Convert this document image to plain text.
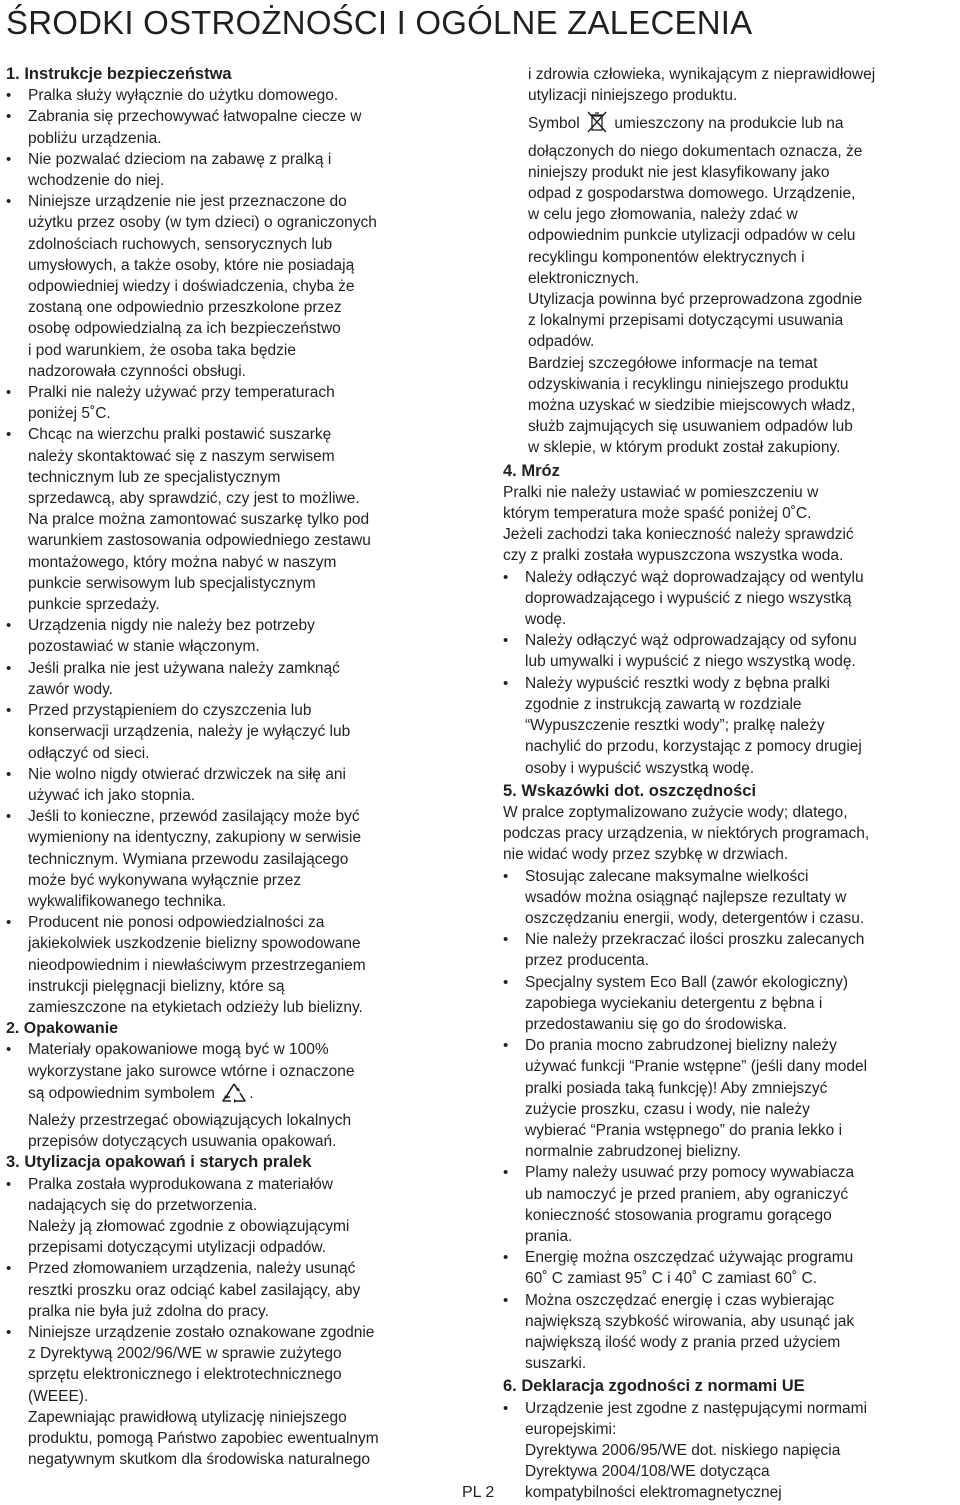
ŚRODKI OSTROŻNOŚCI I OGÓLNE ZALECENIA
1. Instrukcje bezpieczeństwa
• Pralka służy wyłącznie do użytku domowego.
• Zabrania się przechowywać łatwopalne ciecze w
pobliżu urządzenia.
• Nie pozwalać dzieciom na zabawę z pralką i
wchodzenie do niej.
• Niniejsze urządzenie nie jest przeznaczone do
użytku przez osoby (w tym dzieci) o ograniczonych
zdolnościach ruchowych, sensorycznych lub
umysłowych, a także osoby, które nie posiadają
odpowiedniej wiedzy i doświadczenia, chyba że
zostaną one odpowiednio przeszkolone przez
osobę odpowiedzialną za ich bezpieczeństwo
i pod warunkiem, że osoba taka będzie
nadzorowała czynności obsługi.
• Pralki nie należy używać przy temperaturach
poniżej 5˚C.
• Chcąc na wierzchu pralki postawić suszarkę
należy skontaktować się z naszym serwisem
technicznym lub ze specjalistycznym
sprzedawcą, aby sprawdzić, czy jest to możliwe.
Na pralce można zamontować suszarkę tylko pod
warunkiem zastosowania odpowiedniego zestawu
montażowego, który można nabyć w naszym
punkcie serwisowym lub specjalistycznym
punkcie sprzedaży.
• Urządzenia nigdy nie należy bez potrzeby
pozostawiać w stanie włączonym.
• Jeśli pralka nie jest używana należy zamknąć
zawór wody.
• Przed przystąpieniem do czyszczenia lub
konserwacji urządzenia, należy je wyłączyć lub
odłączyć od sieci.
• Nie wolno nigdy otwierać drzwiczek na siłę ani
używać ich jako stopnia.
• Jeśli to konieczne, przewód zasilający może być
wymieniony na identyczny, zakupiony w serwisie
technicznym. Wymiana przewodu zasilającego
może być wykonywana wyłącznie przez
wykwalifikowanego technika.
• Producent nie ponosi odpowiedzialności za
jakiekolwiek uszkodzenie bielizny spowodowane
nieodpowiednim i niewłaściwym przestrzeganiem
instrukcji pielęgnacji bielizny, które są
zamieszczone na etykietach odzieży lub bielizny.
2. Opakowanie
• Materiały opakowaniowe mogą być w 100%
wykorzystane jako surowce wtórne i oznaczone
są odpowiednim symbolem .

Należy przestrzegać obowiązujących lokalnych
przepisów dotyczących usuwania opakowań.

3. Utylizacja opakowań i starych pralek
• Pralka została wyprodukowana z materiałów
nadających się do przetworzenia.

Należy ją złomować zgodnie z obowiązującymi
przepisami dotyczącymi utylizacji odpadów.

• Przed złomowaniem urządzenia, należy usunąć
resztki proszku oraz odciąć kabel zasilający, aby
pralka nie była już zdolna do pracy.
• Niniejsze urządzenie zostało oznakowane zgodnie
z Dyrektywą 2002/96/WE w sprawie zużytego
sprzętu elektronicznego i elektrotechnicznego
(WEEE).

Zapewniając prawidłową utylizację niniejszego
produktu, pomogą Państwo zapobiec ewentualnym
negatywnym skutkom dla środowiska naturalnego

i zdrowia człowieka, wynikającym z nieprawidłowej
utylizacji niniejszego produktu.

Symbol umieszczony na produkcie lub na
dołączonych do niego dokumentach oznacza, że
niniejszy produkt nie jest klasyfikowany jako
odpad z gospodarstwa domowego. Urządzenie,
w celu jego złomowania, należy zdać w
odpowiednim punkcie utylizacji odpadów w celu
recyklingu komponentów elektrycznych i
elektronicznych.

Utylizacja powinna być przeprowadzona zgodnie
z lokalnymi przepisami dotyczącymi usuwania
odpadów.

Bardziej szczegółowe informacje na temat
odzyskiwania i recyklingu niniejszego produktu
można uzyskać w siedzibie miejscowych władz,
służb zajmujących się usuwaniem odpadów lub
w sklepie, w którym produkt został zakupiony.

4. Mróz

Pralki nie należy ustawiać w pomieszczeniu w
którym temperatura może spaść poniżej 0˚C.
Jeżeli zachodzi taka konieczność należy sprawdzić
czy z pralki została wypuszczona wszystka woda.

• Należy odłączyć wąż doprowadzający od wentylu
doprowadzającego i wypuścić z niego wszystką
wodę.
• Należy odłączyć wąż odprowadzający od syfonu
lub umywalki i wypuścić z niego wszystką wodę.
• Należy wypuścić resztki wody z bębna pralki
zgodnie z instrukcją zawartą w rozdziale
“Wypuszczenie resztki wody”; pralkę należy
nachylić do przodu, korzystając z pomocy drugiej
osoby i wypuścić wszystką wodę.
5. Wskazówki dot. oszczędności

W pralce zoptymalizowano zużycie wody; dlatego,
podczas pracy urządzenia, w niektórych programach,
nie widać wody przez szybkę w drzwiach.

• Stosując zalecane maksymalne wielkości
wsadów można osiągnąć najlepsze rezultaty w
oszczędzaniu energii, wody, detergentów i czasu.
• Nie należy przekraczać ilości proszku zalecanych
przez producenta.
• Specjalny system Eco Ball (zawór ekologiczny)
zapobiega wyciekaniu detergentu z bębna i
przedostawaniu się go do środowiska.
• Do prania mocno zabrudzonej bielizny należy
używać funkcji “Pranie wstępne” (jeśli dany model
pralki posiada taką funkcję)! Aby zmniejszyć
zużycie proszku, czasu i wody, nie należy
wybierać “Prania wstępnego” do prania lekko i
normalnie zabrudzonej bielizny.
• Plamy należy usuwać przy pomocy wywabiacza
ub namoczyć je przed praniem, aby ograniczyć
konieczność stosowania programu gorącego
prania.
• Energię można oszczędzać używając programu
60˚ C zamiast 95˚ C i 40˚ C zamiast 60˚ C.
• Można oszczędzać energię i czas wybierając
największą szybkość wirowania, aby usunąć jak
największą ilość wody z prania przed użyciem
suszarki.
6. Deklaracja zgodności z normami UE
• Urządzenie jest zgodne z następującymi normami
europejskimi:

Dyrektywa 2006/95/WE dot. niskiego napięcia
Dyrektywa 2004/108/WE dotycząca
kompatybilności elektromagnetycznej

PL 2
